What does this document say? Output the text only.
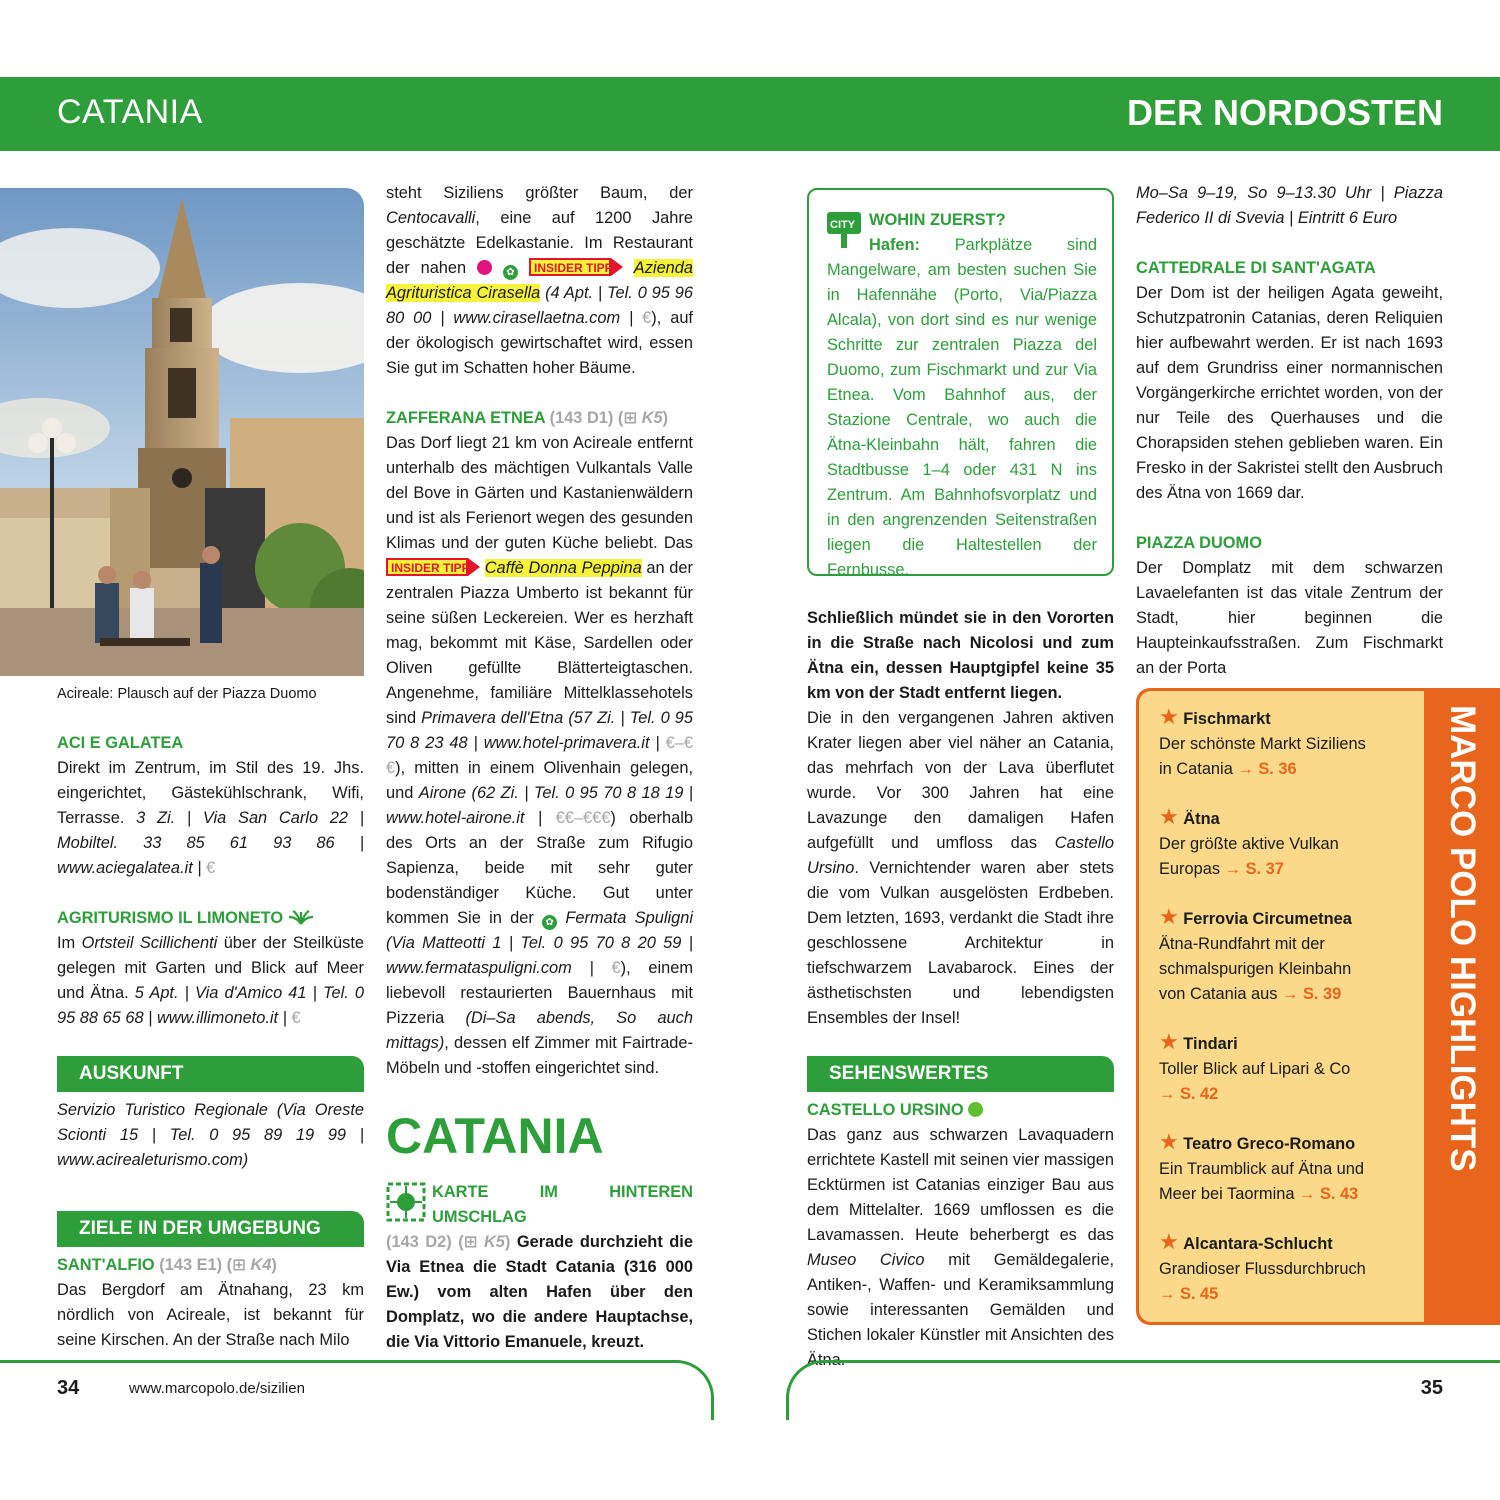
CATANIA	DER NORDOSTEN
Acireale: Plausch auf der Piazza Duomo
ACI E GALATEA
Direkt im Zentrum, im Stil des 19. Jhs. eingerichtet, Gästekühlschrank, Wifi, Terrasse. 3 Zi. | Via San Carlo 22 | Mobiltel. 33 85 61 93 86 | www.aciegalatea.it | €
AGRITURISMO IL LIMONETO
Im Ortsteil Scillichenti über der Steilküste gelegen mit Garten und Blick auf Meer und Ätna. 5 Apt. | Via d'Amico 41 | Tel. 0 95 88 65 68 | www.illimoneto.it | €
AUSKUNFT
Servizio Turistico Regionale (Via Oreste Scionti 15 | Tel. 0 95 89 19 99 | www.acirealeturismo.com)
ZIELE IN DER UMGEBUNG
SANT'ALFIO (143 E1) (⊞ K4)
Das Bergdorf am Ätnahang, 23 km nördlich von Acireale, ist bekannt für seine Kirschen. An der Straße nach Milo
steht Siziliens größter Baum, der Centocavalli, eine auf 1200 Jahre geschätzte Edelkastanie. Im Restaurant der nahen	✿ INSIDER TIPP Azienda Agrituristica Cirasella (4 Apt. | Tel. 0 95 96 80 00 | www.cirasellaetna.com | €), auf der ökologisch gewirtschaftet wird, essen Sie gut im Schatten hoher Bäume.
ZAFFERANA ETNEA (143 D1) (⊞ K5)
Das Dorf liegt 21 km von Acireale entfernt unterhalb des mächtigen Vulkantals Valle del Bove in Gärten und Kastanienwäldern und ist als Ferienort wegen des gesunden Klimas und der guten Küche beliebt. Das
INSIDER TIPP Caffè Donna Peppina an der zentralen Piazza Umberto ist bekannt für seine süßen Leckereien. Wer es herzhaft mag, bekommt mit Käse, Sardellen oder Oliven gefüllte Blätterteigtaschen. Angenehme, familiäre Mittelklassehotels sind Primavera dell'Etna (57 Zi. | Tel. 0 95 70 8 23 48 | www.hotel-primavera.it | €–€€), mitten in einem Olivenhain gelegen, und Airone (62 Zi. | Tel. 0 95 70 8 18 19 | www.hotel-airone.it | €€–€€€) oberhalb des Orts an der Straße zum Rifugio Sapienza, beide mit sehr guter bodenständiger Küche. Gut unter kommen Sie in der ✿ Fermata Spuligni (Via Matteotti 1 | Tel. 0 95 70 8 20 59 | www.fermataspuligni.com | €), einem liebevoll restaurierten Bauernhaus mit Pizzeria (Di–Sa abends, So auch mittags), dessen elf Zimmer mit Fairtrade-Möbeln und -stoffen eingerichtet sind.
CATANIA
KARTE IM HINTEREN UMSCHLAG
(143 D2) (⊞ K5) Gerade durchzieht die Via Etnea die Stadt Catania (316 000 Ew.) vom alten Hafen über den Domplatz, wo die andere Hauptachse, die Via Vittorio Emanuele, kreuzt.
CITY WOHIN ZUERST?
Hafen: Parkplätze sind Mangelware, am besten suchen Sie in Hafennähe (Porto, Via/Piazza Alcala), von dort sind es nur wenige Schritte zur zentralen Piazza del Duomo, zum Fischmarkt und zur Via Etnea. Vom Bahnhof aus, der Stazione Centrale, wo auch die Ätna-Kleinbahn hält, fahren die Stadtbusse 1–4 oder 431 N ins Zentrum. Am Bahnhofsvorplatz und in den angrenzenden Seitenstraßen liegen die Haltestellen der Fernbusse.
Schließlich mündet sie in den Vororten in die Straße nach Nicolosi und zum Ätna ein, dessen Hauptgipfel keine 35 km von der Stadt entfernt liegen.
Die in den vergangenen Jahren aktiven Krater liegen aber viel näher an Catania, das mehrfach von der Lava überflutet wurde. Vor 300 Jahren hat eine Lavazunge den damaligen Hafen aufgefüllt und umfloss das Castello Ursino. Vernichtender waren aber stets die vom Vulkan ausgelösten Erdbeben. Dem letzten, 1693, verdankt die Stadt ihre geschlossene Architektur in tiefschwarzem Lavabarock. Eines der ästhetischsten und lebendigsten Ensembles der Insel!
SEHENSWERTES
CASTELLO URSINO
Das ganz aus schwarzen Lavaquadern errichtete Kastell mit seinen vier massigen Ecktürmen ist Catanias einziger Bau aus dem Mittelalter. 1669 umflossen es die Lavamassen. Heute beherbergt es das Museo Civico mit Gemäldegalerie, Antiken-, Waffen- und Keramiksammlung sowie interessanten Gemälden und Stichen lokaler Künstler mit Ansichten des Ätna.
Mo–Sa 9–19, So 9–13.30 Uhr | Piazza Federico II di Svevia | Eintritt 6 Euro
CATTEDRALE DI SANT'AGATA
Der Dom ist der heiligen Agata geweiht, Schutzpatronin Catanias, deren Reliquien hier aufbewahrt werden. Er ist nach 1693 auf dem Grundriss einer normannischen Vorgängerkirche errichtet worden, von der nur Teile des Querhauses und die Chorapsiden stehen geblieben waren. Ein Fresko in der Sakristei stellt den Ausbruch des Ätna von 1669 dar.
PIAZZA DUOMO
Der Domplatz mit dem schwarzen Lavaelefanten ist das vitale Zentrum der Stadt, hier beginnen die Haupteinkaufsstraßen. Zum Fischmarkt an der Porta
★ Fischmarkt
Der schönste Markt Siziliens
in Catania → S. 36
★ Ätna
Der größte aktive Vulkan
Europas → S. 37
★ Ferrovia Circumetnea
Ätna-Rundfahrt mit der
schmalspurigen Kleinbahn
von Catania aus → S. 39
★ Tindari
Toller Blick auf Lipari & Co
→ S. 42
★ Teatro Greco-Romano
Ein Traumblick auf Ätna und
Meer bei Taormina → S. 43
★ Alcantara-Schlucht
Grandioser Flussdurchbruch
→ S. 45
MARCO POLO HIGHLIGHTS
34	www.marcopolo.de/sizilien	35
